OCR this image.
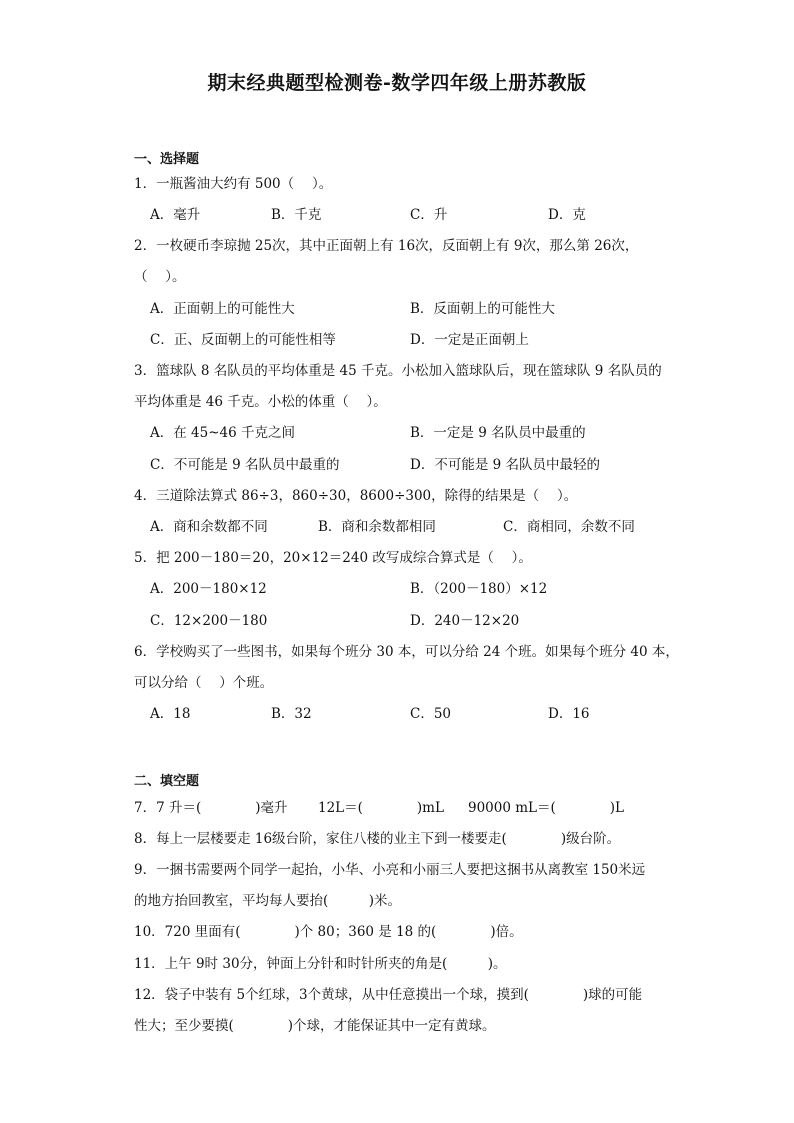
期末经典题型检测卷-数学四年级上册苏教版
一、选择题
1．一瓶酱油大约有 500（　 ）。
A．毫升	B．千克	C．升	D．克
2．一枚硬币李琼抛 25次，其中正面朝上有 16次，反面朝上有 9次，那么第 26次，
（　 ）。
A．正面朝上的可能性大	B．反面朝上的可能性大
C．正、反面朝上的可能性相等	D．一定是正面朝上
3．篮球队 8 名队员的平均体重是 45 千克。小松加入篮球队后，现在篮球队 9 名队员的
平均体重是 46 千克。小松的体重（　 ）。
A．在 45~46 千克之间	B．一定是 9 名队员中最重的
C．不可能是 9 名队员中最重的	D．不可能是 9 名队员中最轻的
4．三道除法算式 86÷3，860÷30，8600÷300，除得的结果是（　 ）。
A．商和余数都不同	B．商和余数都相同	C．商相同，余数不同
5．把 200－180＝20，20×12＝240 改写成综合算式是（　 ）。
A．200－180×12	B．（200－180）×12
C．12×200－180	D．240－12×20
6．学校购买了一些图书，如果每个班分 30 本，可以分给 24 个班。如果每个班分 40 本，
可以分给（　 ）个班。
A．18	B．32	C．50	D．16
二、填空题
7．7 升＝(　　　　)毫升 12L＝(　　　　)mL 90000 mL＝(　　　　)L
8．每上一层楼要走 16级台阶，家住八楼的业主下到一楼要走(　　　　)级台阶。
9．一捆书需要两个同学一起抬，小华、小亮和小丽三人要把这捆书从离教室 150米远
的地方抬回教室，平均每人要抬(　　　)米。
10．720 里面有(　　　　)个 80；360 是 18 的(　　　　)倍。
11．上午 9时 30分，钟面上分针和时针所夹的角是(　　　)。
12．袋子中装有 5个红球，3个黄球，从中任意摸出一个球，摸到(　　　　)球的可能
性大；至少要摸(　　　　)个球，才能保证其中一定有黄球。
